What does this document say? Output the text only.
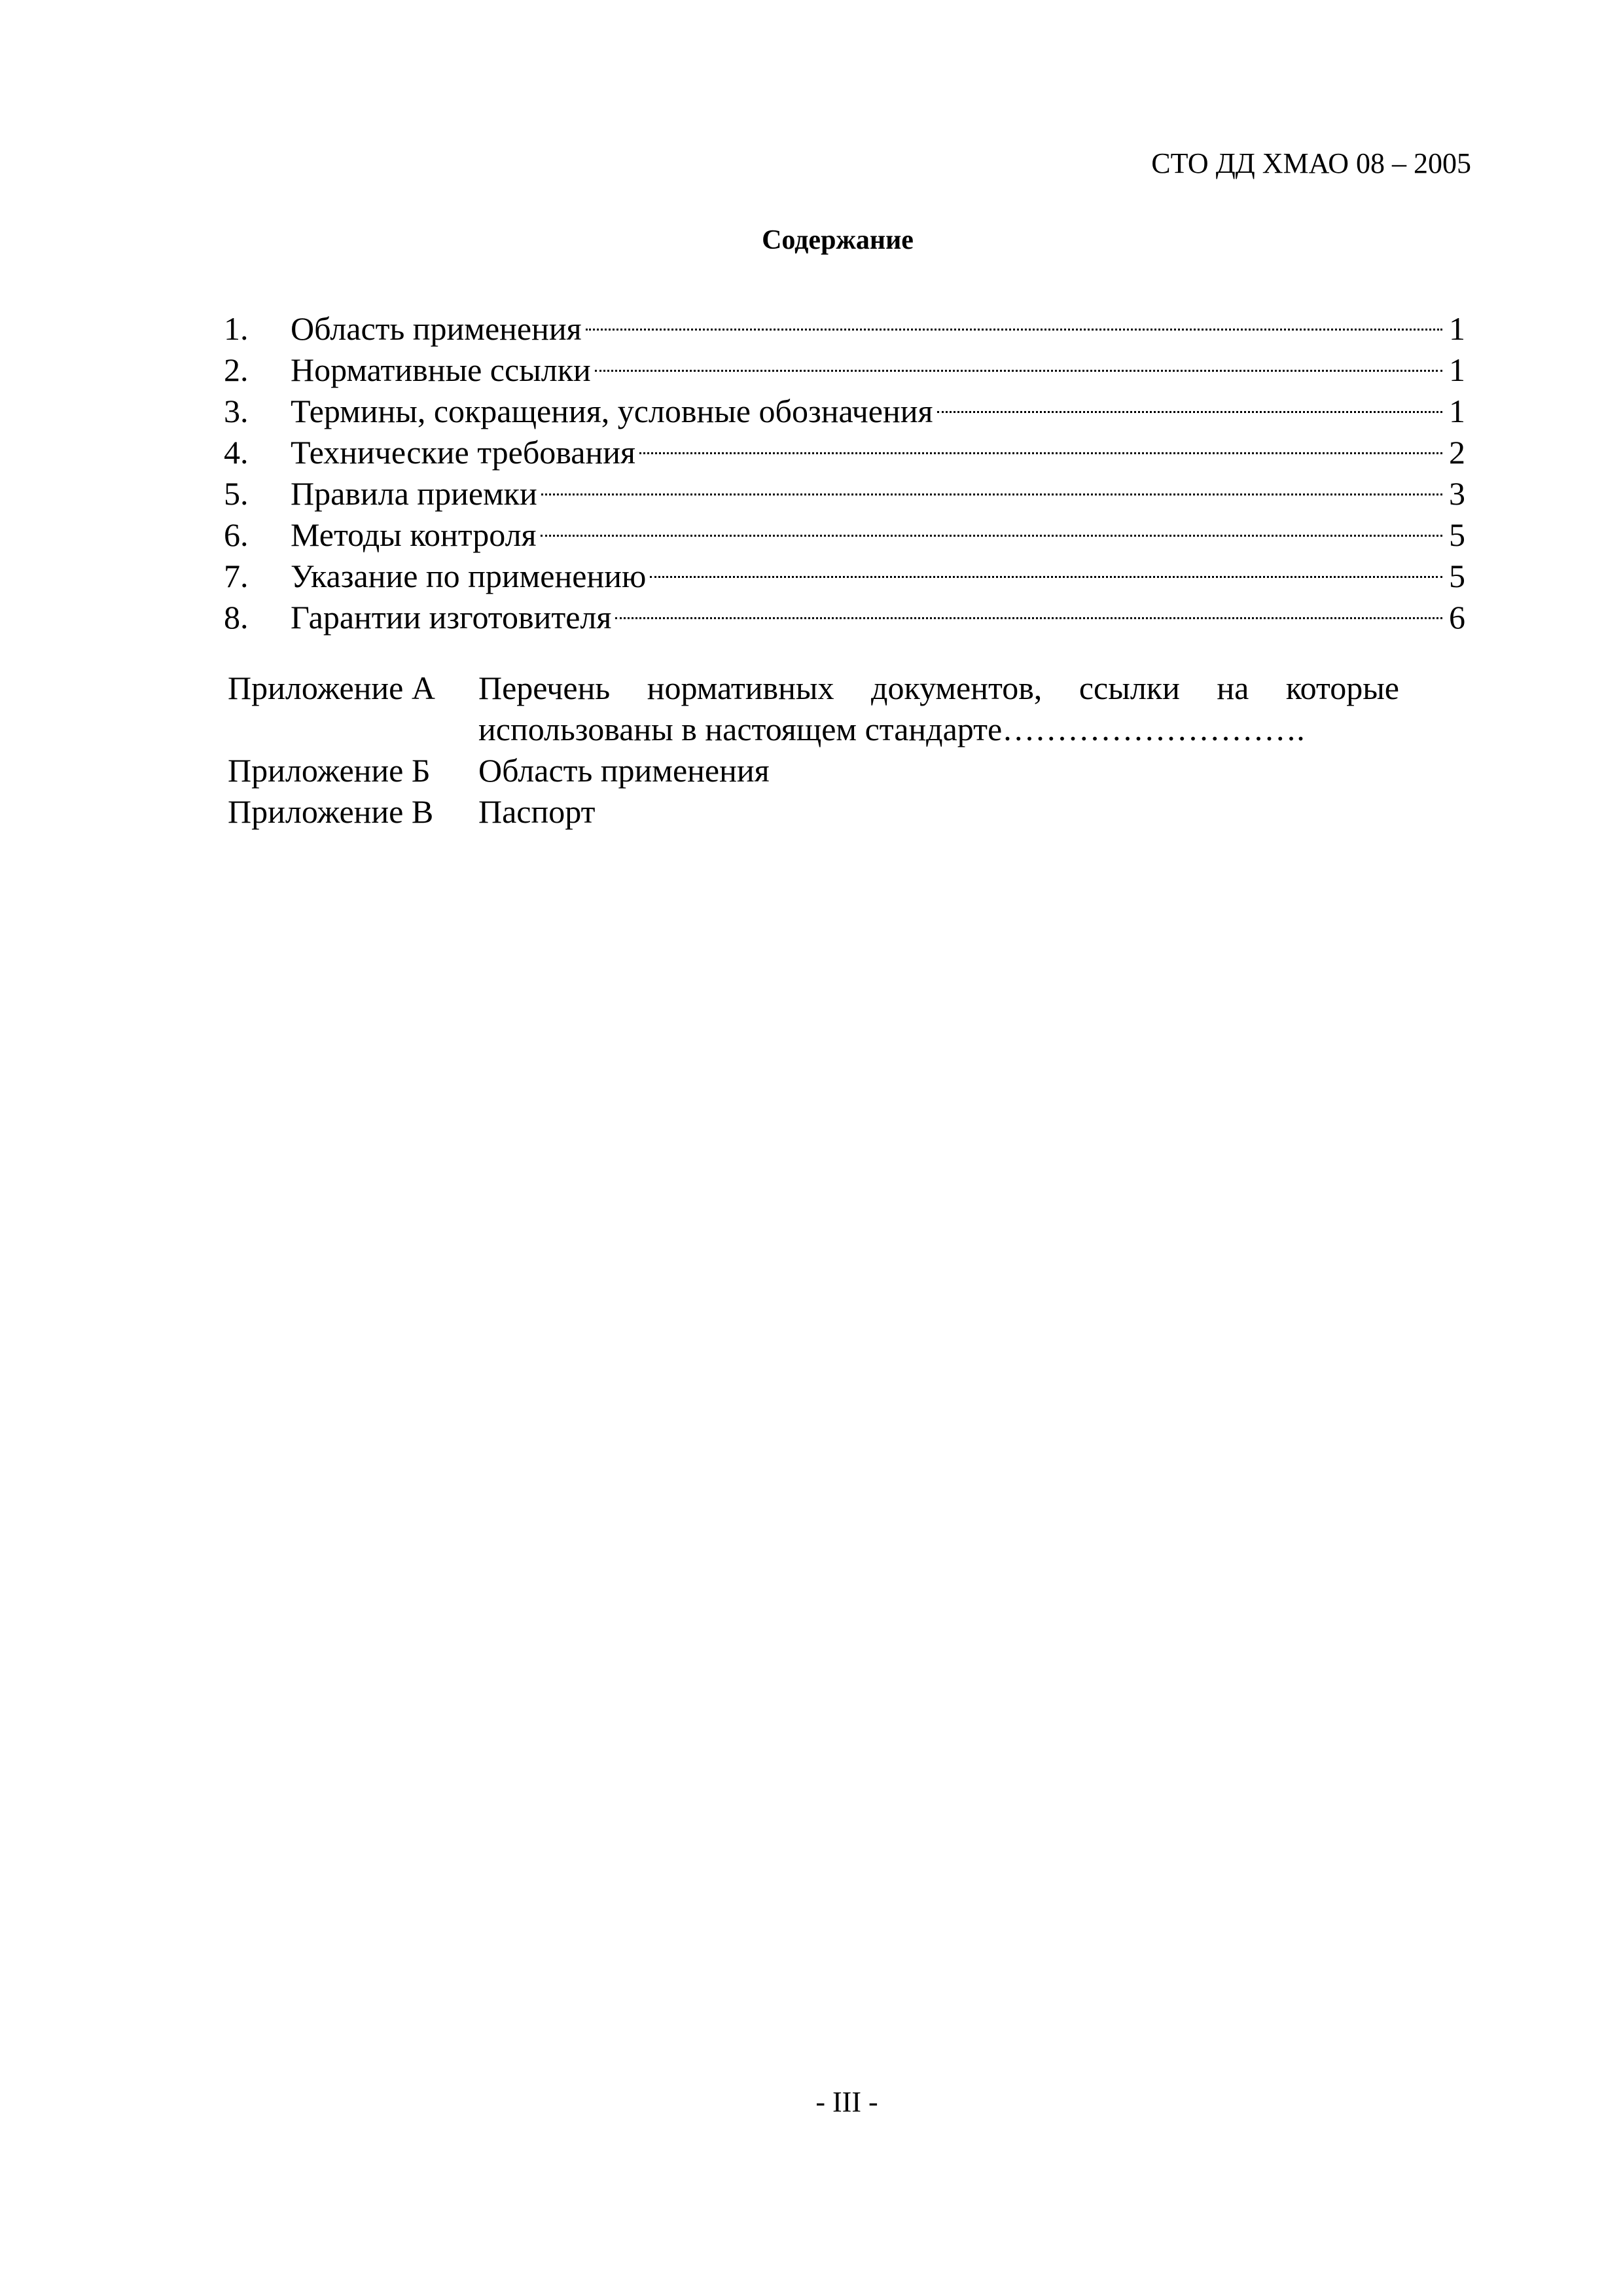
СТО ДД ХМАО 08 – 2005
Содержание
1.	Область применения	1
2.	Нормативные ссылки	1
3.	Термины, сокращения, условные обозначения	1
4.	Технические требования	2
5.	Правила приемки	3
6.	Методы контроля	5
7.	Указание по применению	5
8.	Гарантии изготовителя	6
Приложение А	Перечень нормативных документов, ссылки на которые использованы в настоящем стандарте……………………….
Приложение Б	Область применения
Приложение В	Паспорт
- III -
